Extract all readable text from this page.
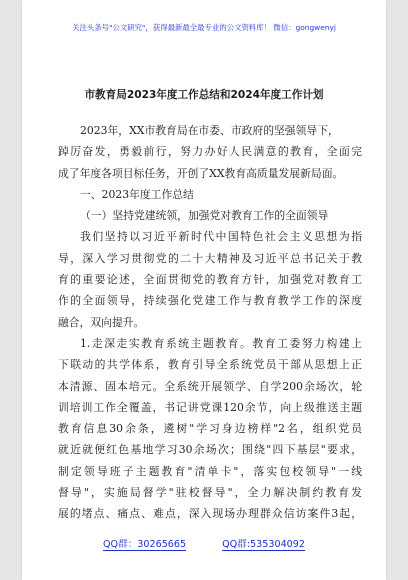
关注头条号"公文研究"，获得最新最全最专业的公文资料库！ 微信：gongwenyj
市教育局2023年度工作总结和2024年度工作计划
2023年，XX市教育局在市委、市政府的坚强领导下，
踔厉奋发，勇毅前行，努力办好人民满意的教育，全面完
成了年度各项目标任务，开创了XX教育高质量发展新局面。
一、2023年度工作总结
（一）坚持党建统领，加强党对教育工作的全面领导
我们坚持以习近平新时代中国特色社会主义思想为指
导，深入学习贯彻党的二十大精神及习近平总书记关于教
育的重要论述，全面贯彻党的教育方针，加强党对教育工
作的全面领导，持续强化党建工作与教育教学工作的深度
融合，双向提升。
1.走深走实教育系统主题教育。教育工委努力构建上
下联动的共学体系，教育引导全系统党员干部从思想上正
本清源、固本培元。全系统开展领学、自学200余场次，轮
训培训工作全覆盖，书记讲党课120余节，向上级推送主题
教育信息30余条，遴树"学习身边榜样"2名，组织党员
就近就便红色基地学习30余场次；围绕"四下基层"要求，
制定领导班子主题教育"清单卡"，落实包校领导"一线
督导"，实施局督学"驻校督导"，全力解决制约教育发
展的堵点、痛点、难点，深入现场办理群众信访案件3起，
QQ群：30265665	QQ群:535304092
